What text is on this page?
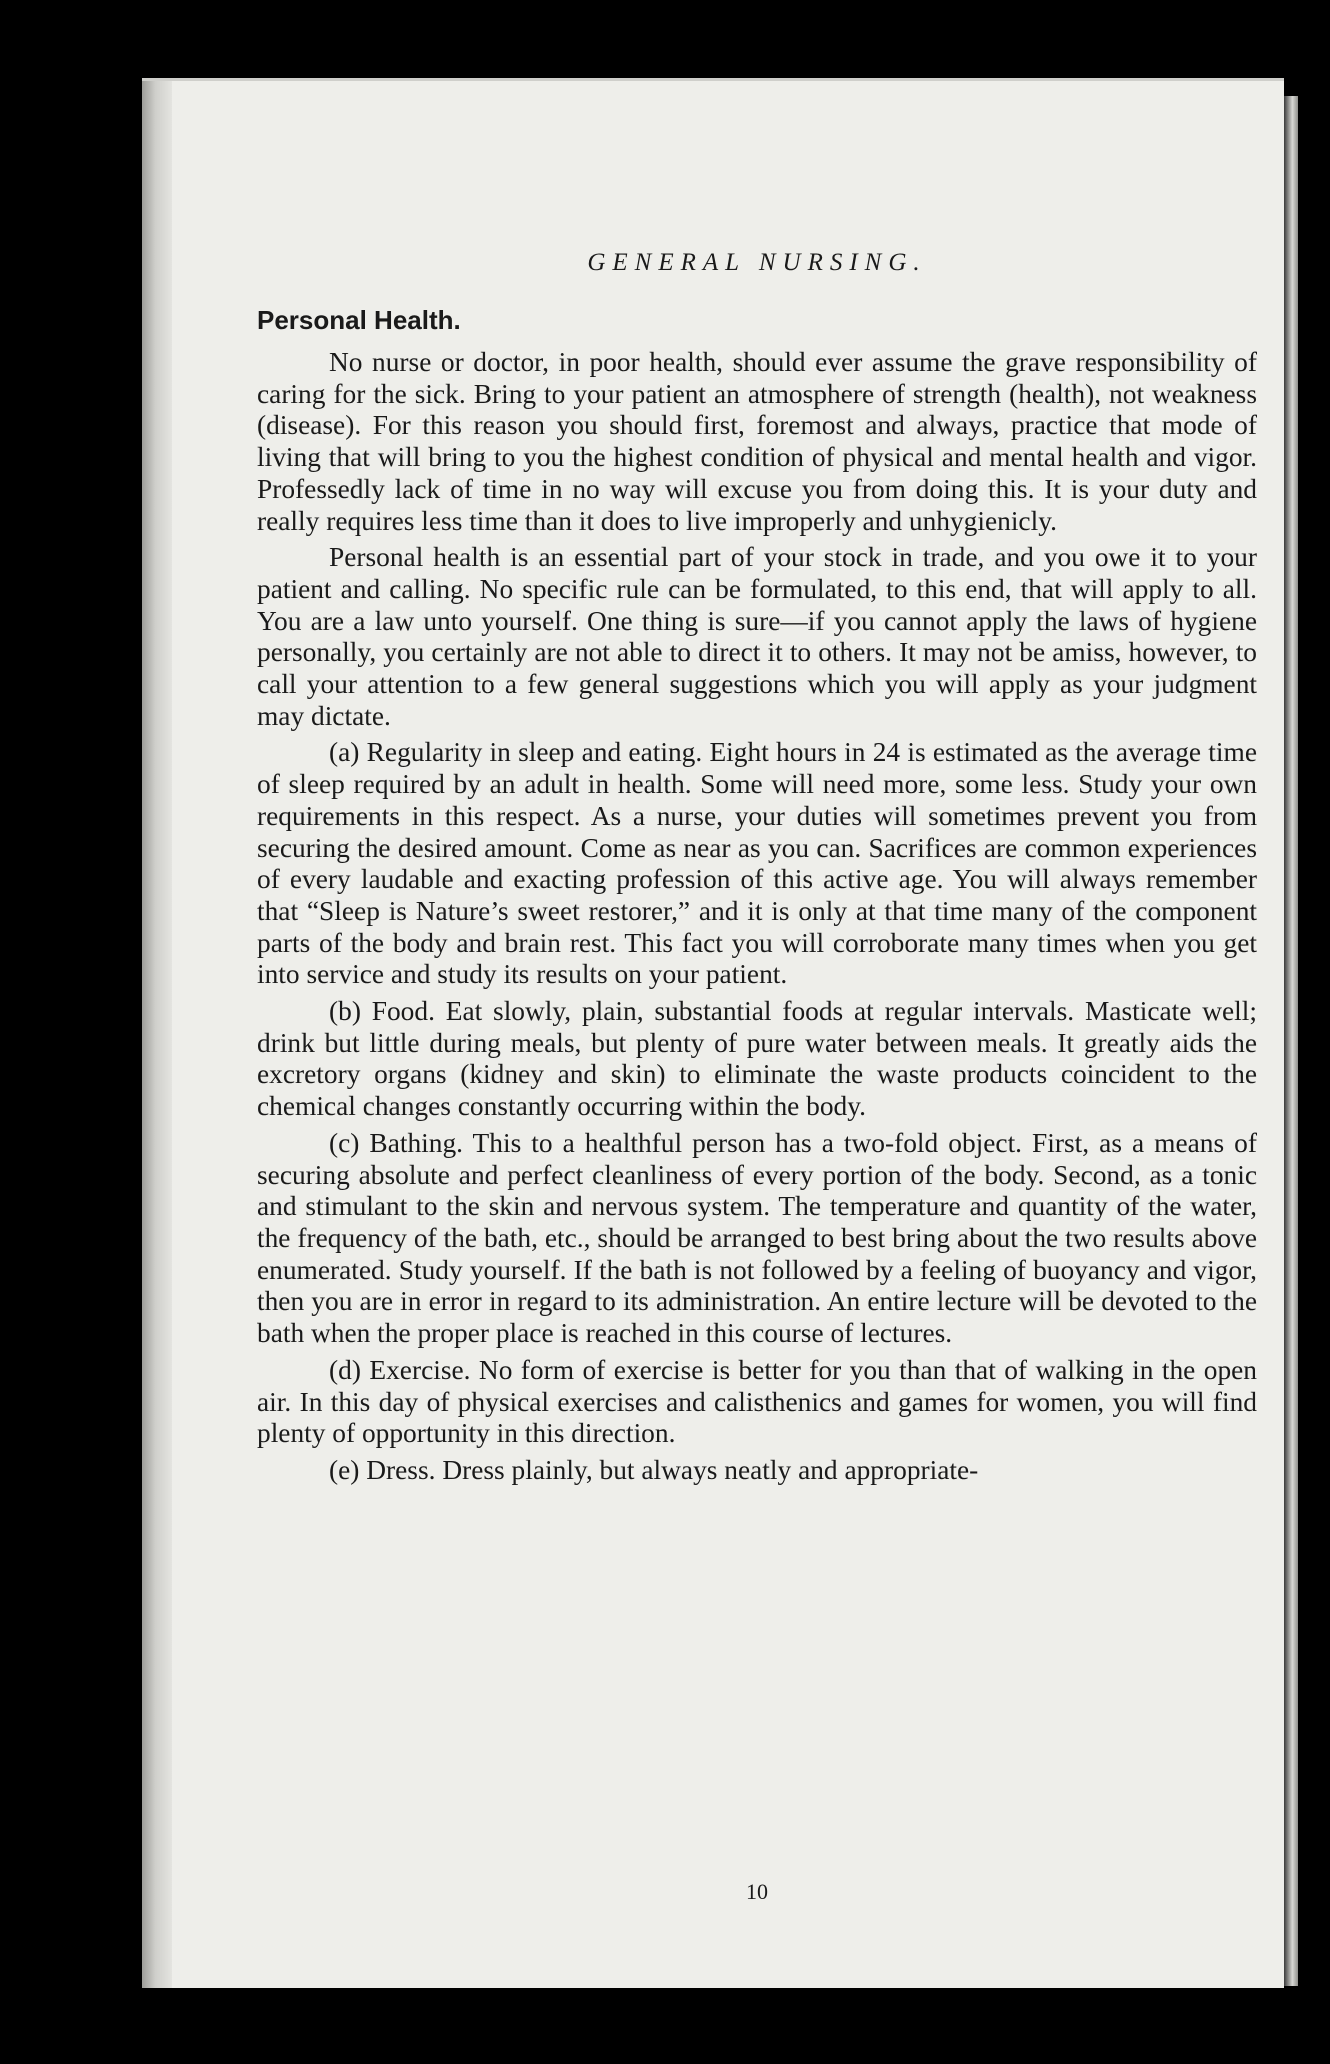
GENERAL NURSING.
Personal Health.

No nurse or doctor, in poor health, should ever assume the grave responsibility of caring for the sick. Bring to your patient an atmosphere of strength (health), not weakness (disease). For this reason you should first, foremost and always, practice that mode of living that will bring to you the highest condition of physical and mental health and vigor. Professedly lack of time in no way will excuse you from doing this. It is your duty and really requires less time than it does to live improperly and unhygienicly.

Personal health is an essential part of your stock in trade, and you owe it to your patient and calling. No specific rule can be formulated, to this end, that will apply to all. You are a law unto yourself. One thing is sure—if you cannot apply the laws of hygiene personally, you certainly are not able to direct it to others. It may not be amiss, however, to call your attention to a few general suggestions which you will apply as your judgment may dictate.

(a) Regularity in sleep and eating. Eight hours in 24 is estimated as the average time of sleep required by an adult in health. Some will need more, some less. Study your own requirements in this respect. As a nurse, your duties will sometimes prevent you from securing the desired amount. Come as near as you can. Sacrifices are common experiences of every laudable and exacting profession of this active age. You will always remember that “Sleep is Nature’s sweet restorer,” and it is only at that time many of the component parts of the body and brain rest. This fact you will corroborate many times when you get into service and study its results on your patient.

(b) Food. Eat slowly, plain, substantial foods at regular intervals. Masticate well; drink but little during meals, but plenty of pure water between meals. It greatly aids the excretory organs (kidney and skin) to eliminate the waste products coincident to the chemical changes constantly occurring within the body.

(c) Bathing. This to a healthful person has a two-fold object. First, as a means of securing absolute and perfect cleanliness of every portion of the body. Second, as a tonic and stimulant to the skin and nervous system. The temperature and quantity of the water, the frequency of the bath, etc., should be arranged to best bring about the two results above enumerated. Study yourself. If the bath is not followed by a feeling of buoyancy and vigor, then you are in error in regard to its administration. An entire lecture will be devoted to the bath when the proper place is reached in this course of lectures.

(d) Exercise. No form of exercise is better for you than that of walking in the open air. In this day of physical exercises and calisthenics and games for women, you will find plenty of opportunity in this direction.

(e) Dress. Dress plainly, but always neatly and appropriate-

10
